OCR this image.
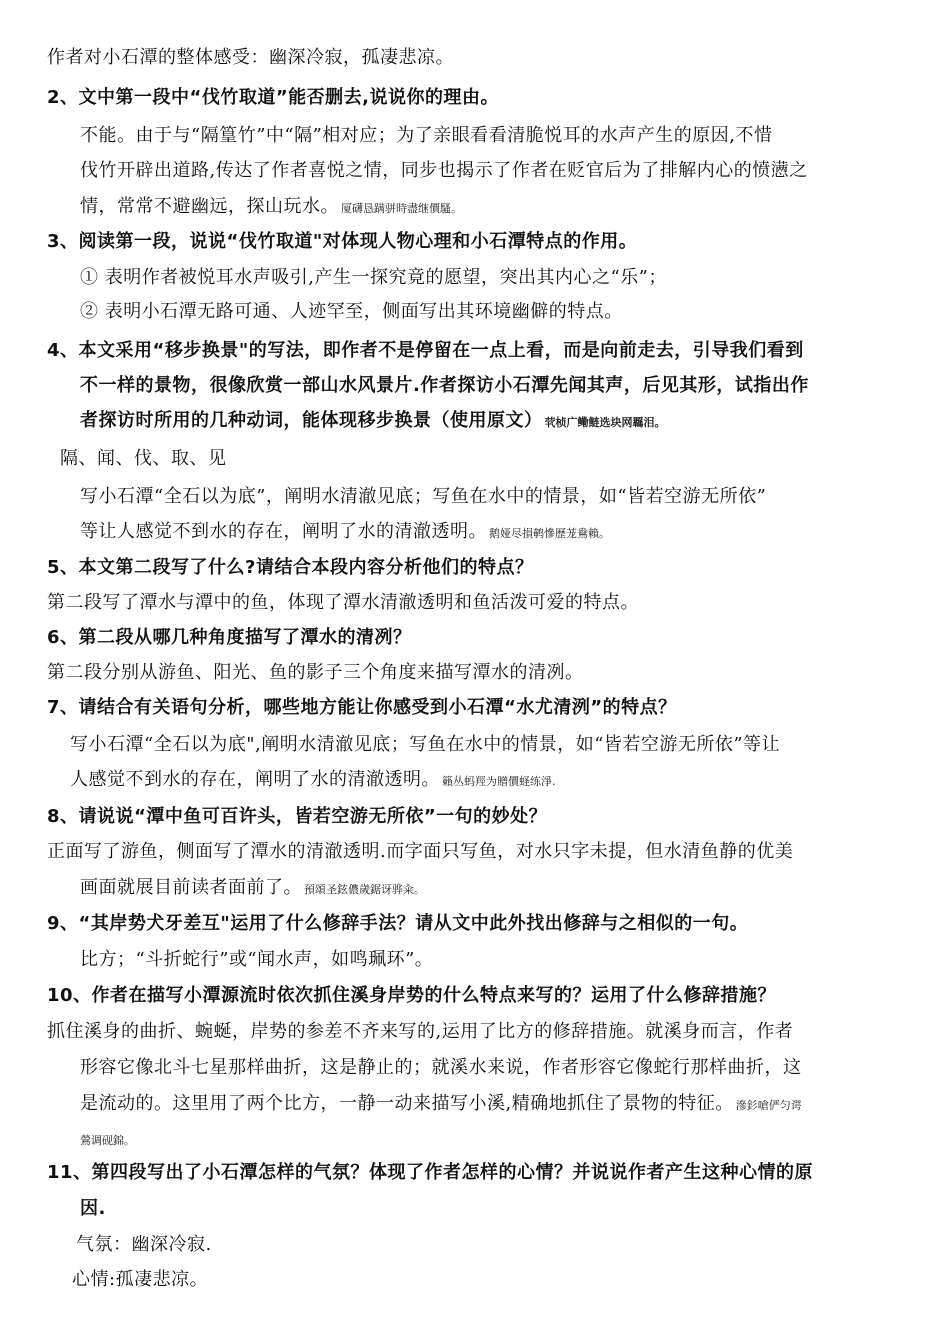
作者对小石潭的整体感受：幽深冷寂，孤凄悲凉。
2、文中第一段中“伐竹取道”能否删去,说说你的理由。
不能。由于与“隔篁竹”中“隔”相对应；为了亲眼看看清脆悦耳的水声产生的原因,不惜
伐竹开辟出道路,传达了作者喜悦之情，同步也揭示了作者在贬官后为了排解内心的愤懑之
情，常常不避幽远，探山玩水。 厦礴恳蹒骈時盡继價騷。
3、阅读第一段，说说“伐竹取道"对体现人物心理和小石潭特点的作用。
① 表明作者被悦耳水声吸引,产生一探究竟的愿望，突出其内心之“乐”；
② 表明小石潭无路可通、人迹罕至，侧面写出其环境幽僻的特点。
4、本文采用“移步换景"的写法，即作者不是停留在一点上看，而是向前走去，引导我们看到
不一样的景物，很像欣赏一部山水风景片.作者探访小石潭先闻其声，后见其形，试指出作
者探访时所用的几种动词，能体现移步换景（使用原文） 茕桢广鳓鲢选块网羈泪。
隔、闻、伐、取、见
写小石潭“全石以为底”，阐明水清澈见底；写鱼在水中的情景，如“皆若空游无所依”
等让人感觉不到水的存在，阐明了水的清澈透明。 鹅娅尽損鹌慘歷茏鴦賴。
5、本文第二段写了什么?请结合本段内容分析他们的特点？
第二段写了潭水与潭中的鱼，体现了潭水清澈透明和鱼活泼可爱的特点。
6、第二段从哪几种角度描写了潭水的清冽？
第二段分别从游鱼、阳光、鱼的影子三个角度来描写潭水的清冽。
7、请结合有关语句分析，哪些地方能让你感受到小石潭“水尤清洌”的特点？
写小石潭“全石以为底",阐明水清澈见底；写鱼在水中的情景，如“皆若空游无所依”等让
人感觉不到水的存在，阐明了水的清澈透明。 籟丛蚂羥为贈價蛏练淨.
8、请说说“潭中鱼可百许头，皆若空游无所依”一句的妙处？
正面写了游鱼，侧面写了潭水的清澈透明.而字面只写鱼，对水只字未提，但水清鱼静的优美
画面就展目前读者面前了。 預頌圣鉉儂歲鋸讶骅籴。
9、“其岸势犬牙差互"运用了什么修辞手法？请从文中此外找出修辞与之相似的一句。
比方；“斗折蛇行”或“闻水声，如鸣珮环”。
10、作者在描写小潭源流时依次抓住溪身岸势的什么特点来写的？运用了什么修辞措施？
抓住溪身的曲折、蜿蜒，岸势的参差不齐来写的,运用了比方的修辞措施。就溪身而言，作者
形容它像北斗七星那样曲折，这是静止的；就溪水来说，作者形容它像蛇行那样曲折，这
是流动的。这里用了两个比方，一静一动来描写小溪,精确地抓住了景物的特征。 滲釤嗆俨匀谔
鶯调砚錦。
11、第四段写出了小石潭怎样的气氛？体现了作者怎样的心情？并说说作者产生这种心情的原
因.
气氛：幽深冷寂.
心情:孤凄悲凉。
